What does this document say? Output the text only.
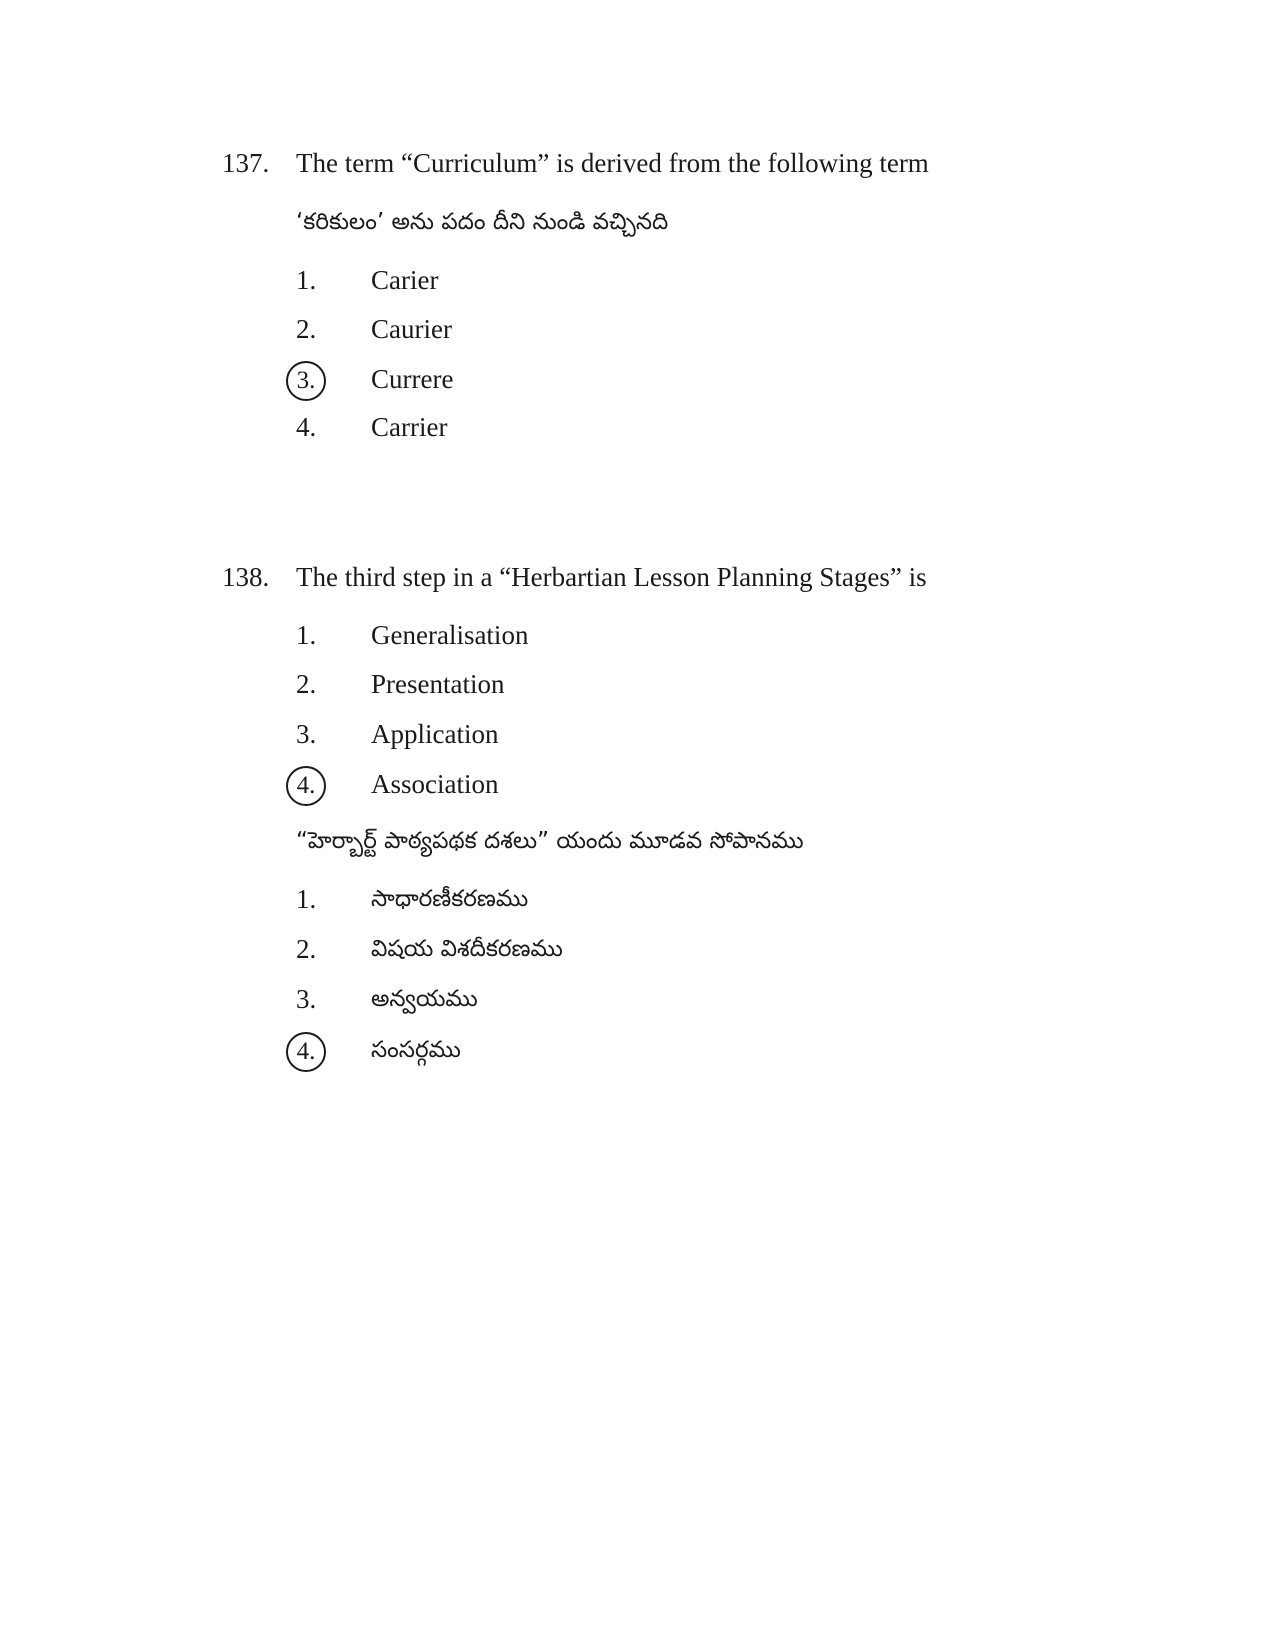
137. The term “Curriculum” is derived from the following term
‘కరికులం’ అను పదం దీని నుండి వచ్చినది
1.	Carier
2.	Caurier
3.	Currere
4.	Carrier
138. The third step in a “Herbartian Lesson Planning Stages” is
1.	Generalisation
2.	Presentation
3.	Application
4.	Association
“హెర్బార్ట్ పాఠ్యపథక దశలు” యందు మూడవ సోపానము
1.	సాధారణీకరణము
2.	విషయ విశదీకరణము
3.	అన్వయము
4.	సంసర్గము
